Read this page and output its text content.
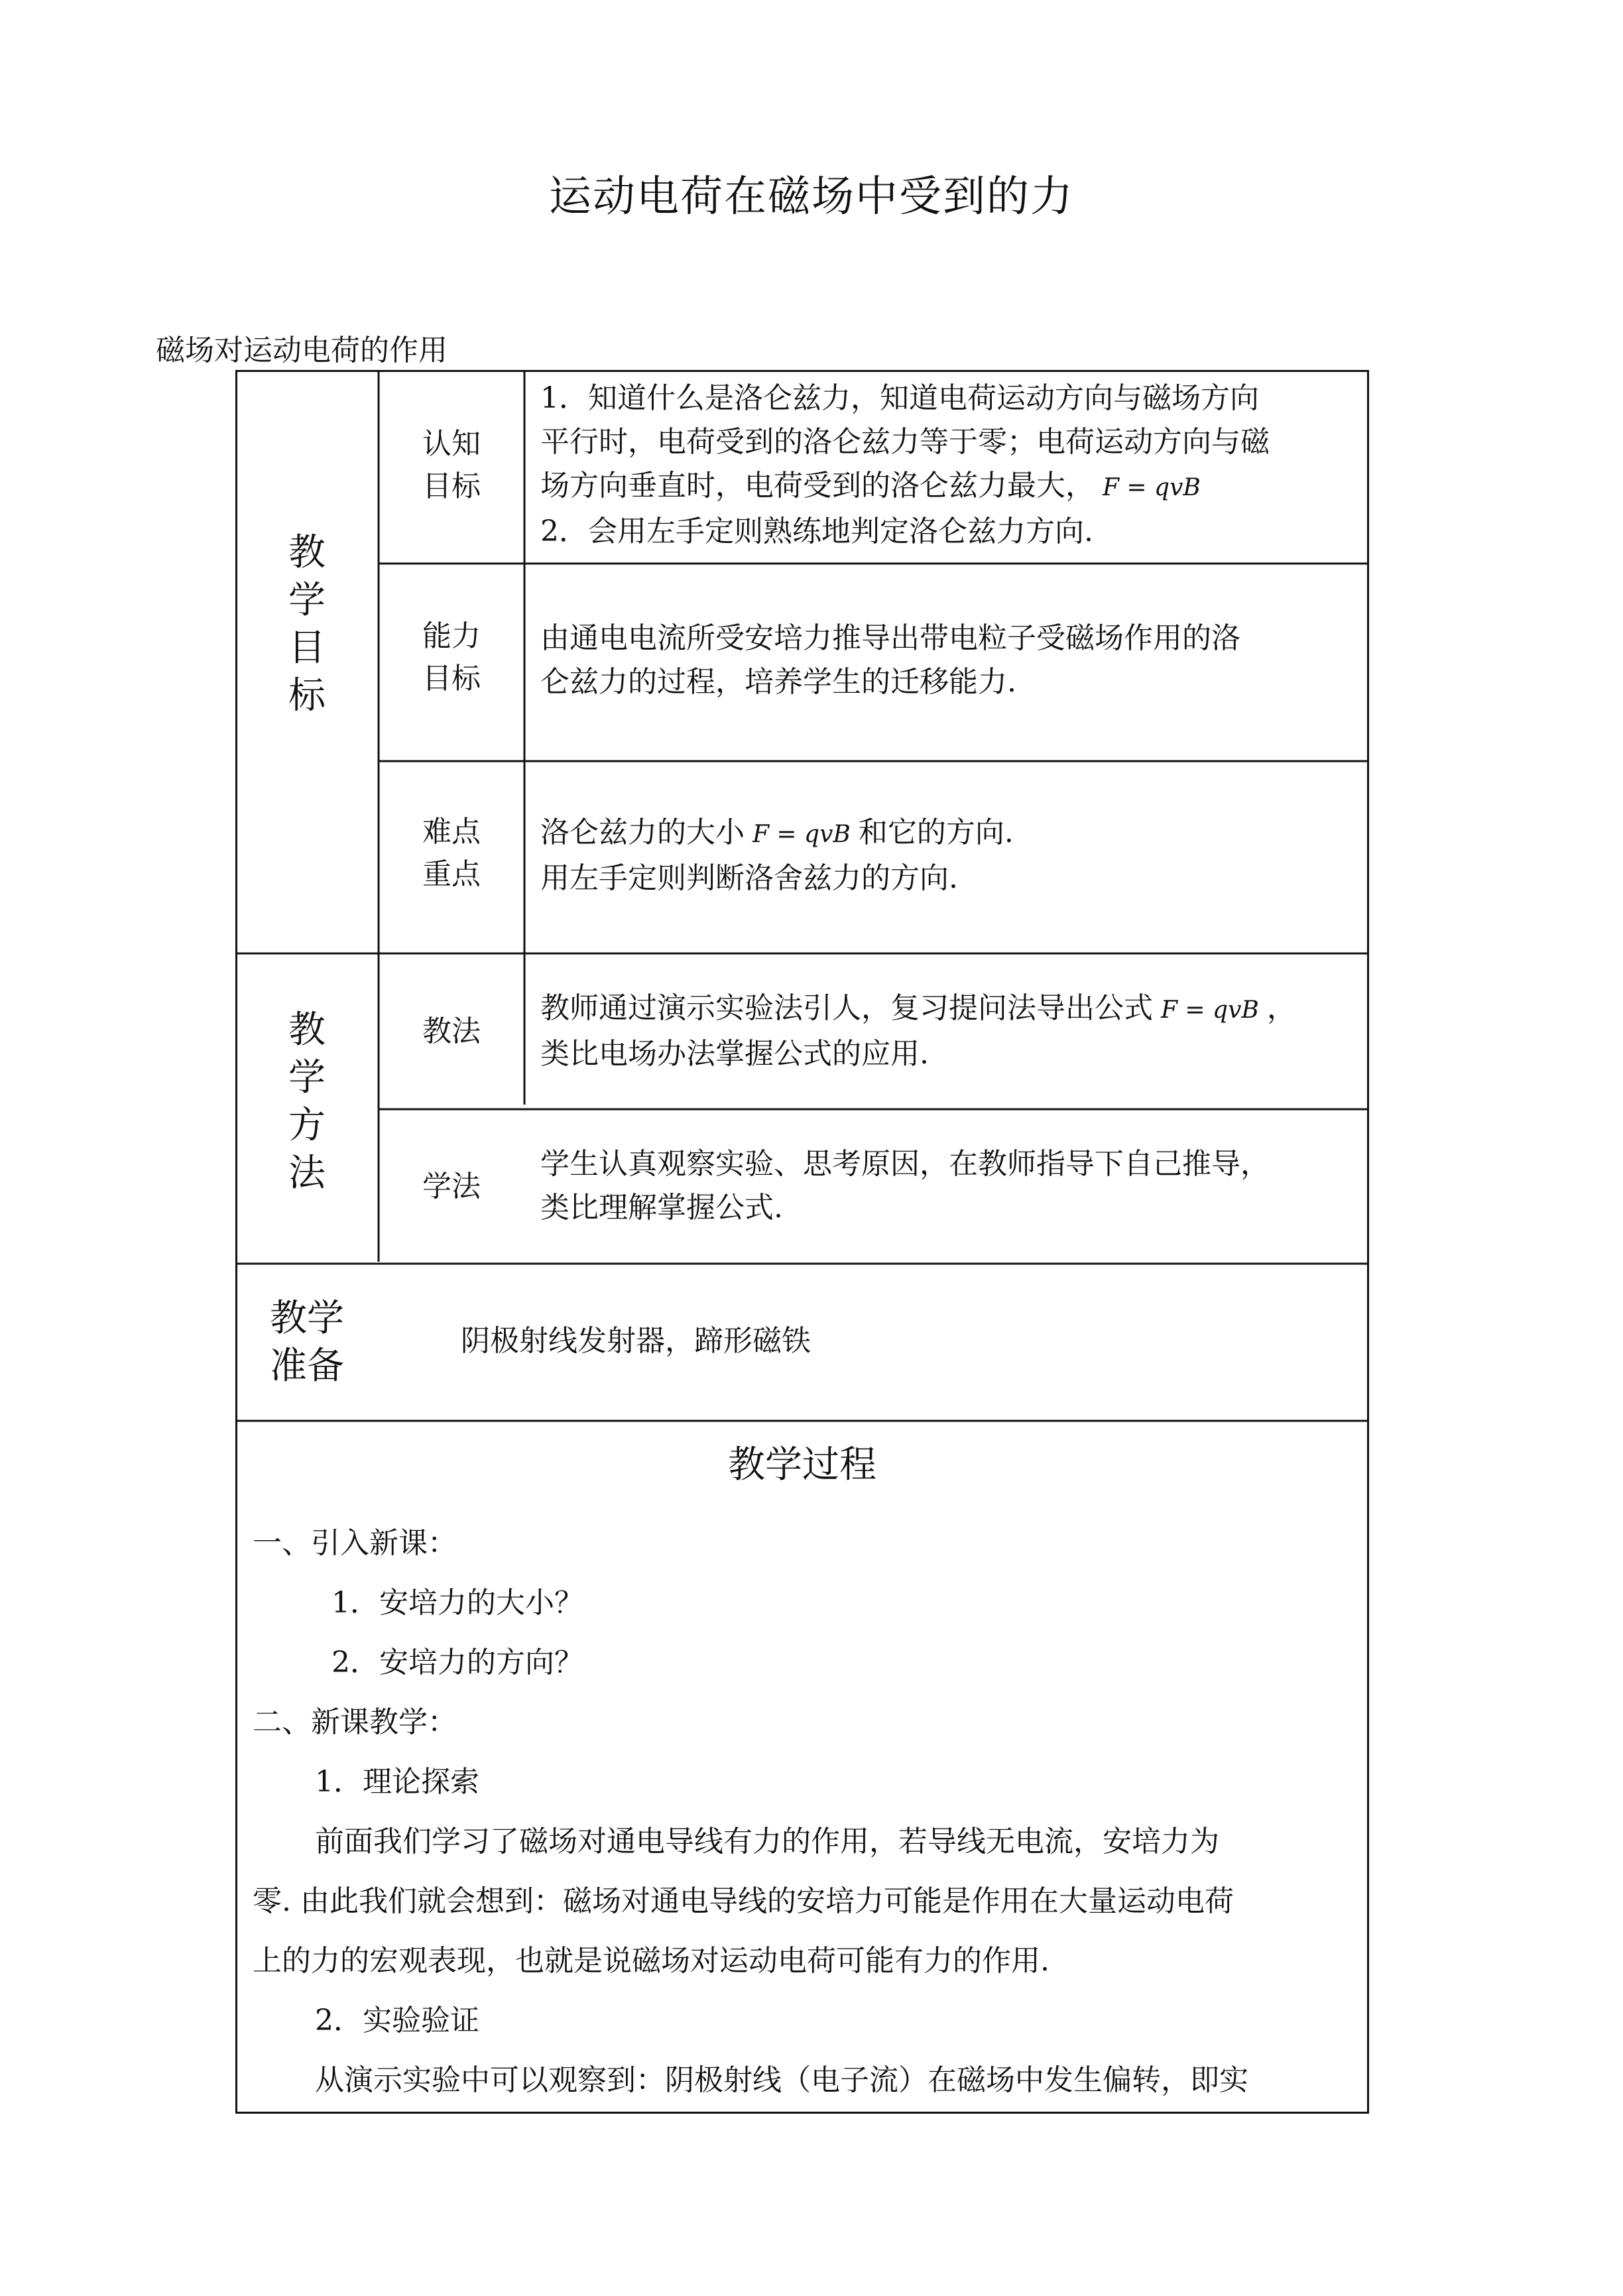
运动电荷在磁场中受到的力
磁场对运动电荷的作用
教学目标
认知目标
1．知道什么是洛仑兹力，知道电荷运动方向与磁场方向
平行时，电荷受到的洛仑兹力等于零；电荷运动方向与磁
场方向垂直时，电荷受到的洛仑兹力最大， F = qvB
2．会用左手定则熟练地判定洛仑兹力方向.
能力目标
由通电电流所受安培力推导出带电粒子受磁场作用的洛
仑兹力的过程，培养学生的迁移能力.
难点重点
洛仑兹力的大小 F = qvB 和它的方向.
用左手定则判断洛舍兹力的方向.
教学方法
教法
教师通过演示实验法引人，复习提问法导出公式 F = qvB ，
类比电场办法掌握公式的应用.
学法
学生认真观察实验、思考原因，在教师指导下自己推导，
类比理解掌握公式.
教学准备
阴极射线发射器，蹄形磁铁
教学过程
一、引入新课：
1．安培力的大小？
2．安培力的方向？
二、新课教学：
1．理论探索
前面我们学习了磁场对通电导线有力的作用，若导线无电流，安培力为
零. 由此我们就会想到：磁场对通电导线的安培力可能是作用在大量运动电荷
上的力的宏观表现，也就是说磁场对运动电荷可能有力的作用.
2．实验验证
从演示实验中可以观察到：阴极射线（电子流）在磁场中发生偏转，即实
